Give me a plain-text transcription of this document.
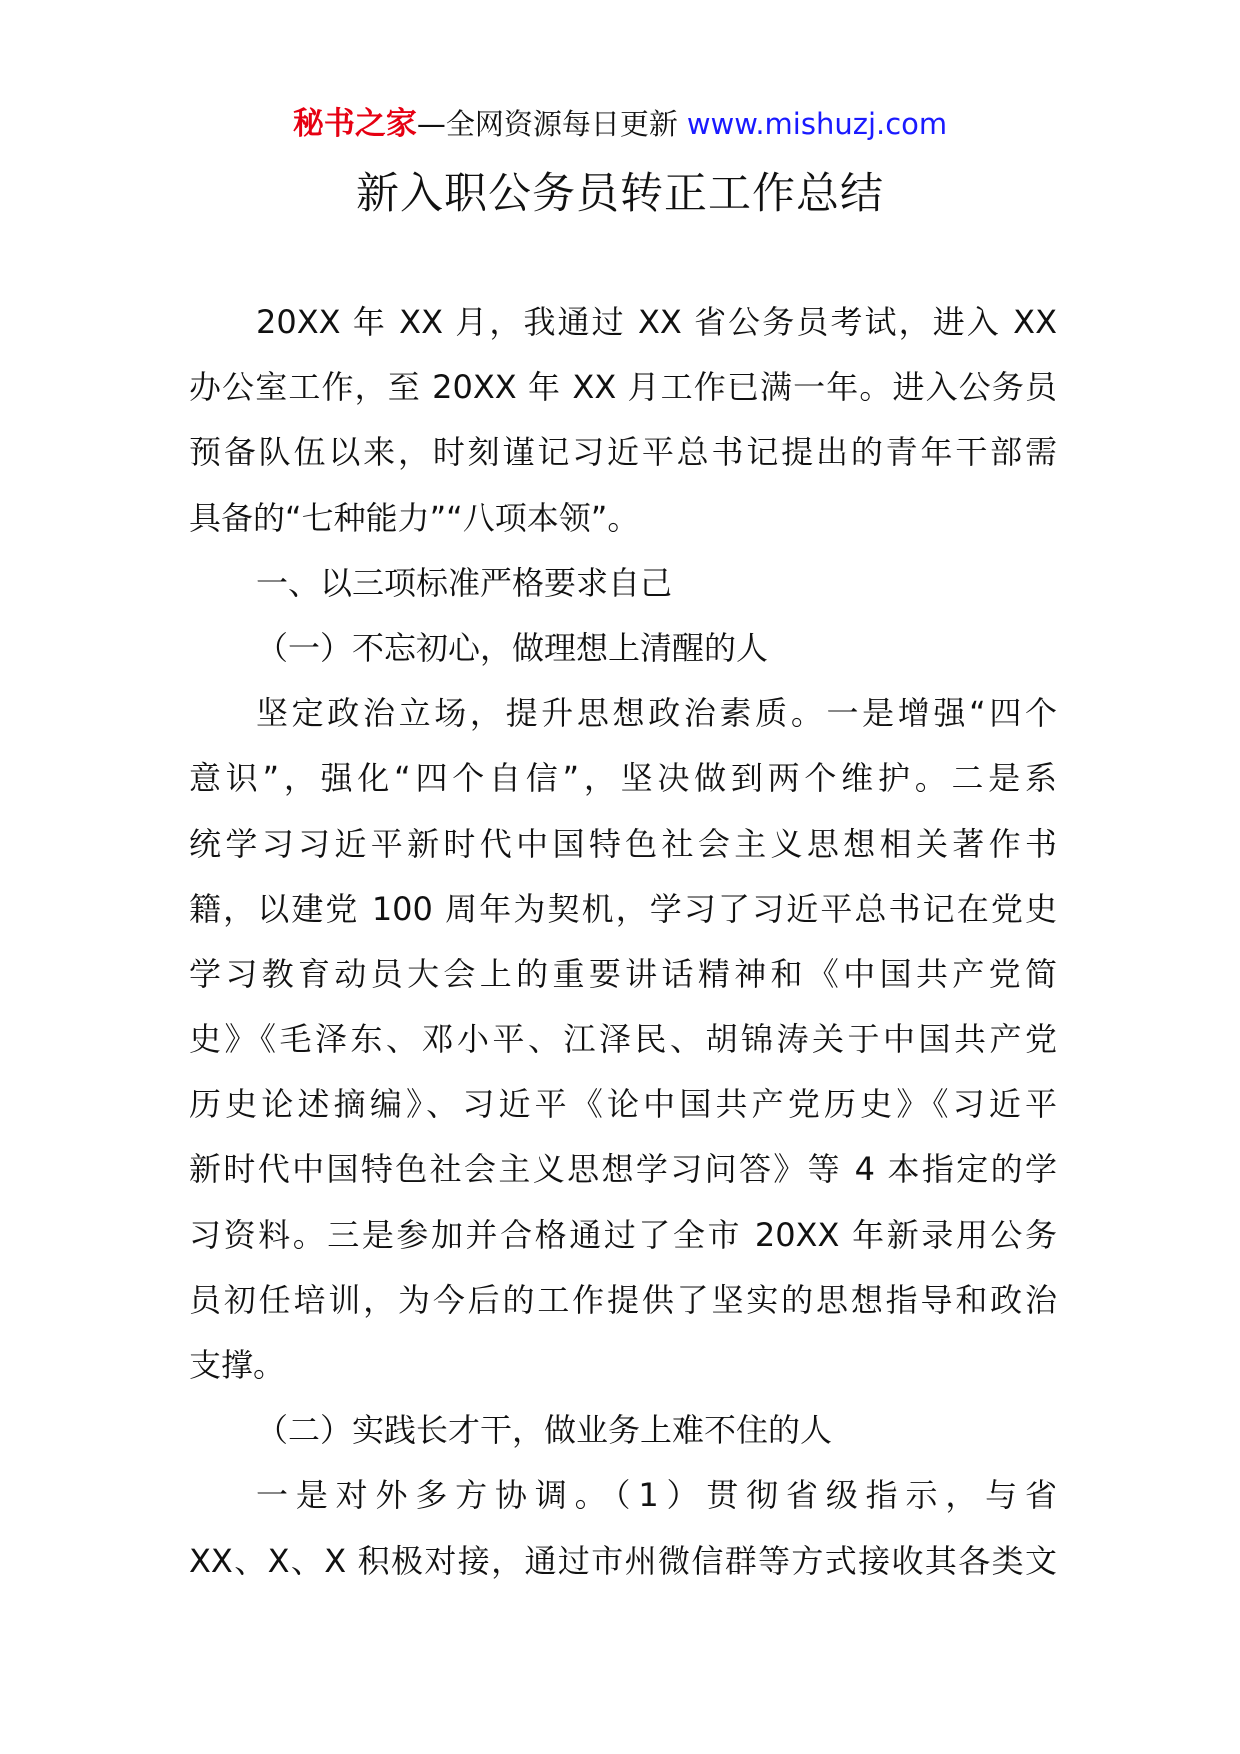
秘书之家—全网资源每日更新 www.mishuzj.com
新入职公务员转正工作总结
20XX 年 XX 月，我通过 XX 省公务员考试，进入 XX
办公室工作，至 20XX 年 XX 月工作已满一年。进入公务员
预备队伍以来，时刻谨记习近平总书记提出的青年干部需
具备的“七种能力”“八项本领”。
一、以三项标准严格要求自己
（一）不忘初心，做理想上清醒的人
坚定政治立场，提升思想政治素质。一是增强“四个
意识”，强化“四个自信”，坚决做到两个维护。二是系
统学习习近平新时代中国特色社会主义思想相关著作书
籍，以建党 100 周年为契机，学习了习近平总书记在党史
学习教育动员大会上的重要讲话精神和《中国共产党简
史》《毛泽东、邓小平、江泽民、胡锦涛关于中国共产党
历史论述摘编》、习近平《论中国共产党历史》《习近平
新时代中国特色社会主义思想学习问答》等 4 本指定的学
习资料。三是参加并合格通过了全市 20XX 年新录用公务
员初任培训，为今后的工作提供了坚实的思想指导和政治
支撑。
（二）实践长才干，做业务上难不住的人
一是对外多方协调。（1）贯彻省级指示，与省
XX、X、X 积极对接，通过市州微信群等方式接收其各类文
